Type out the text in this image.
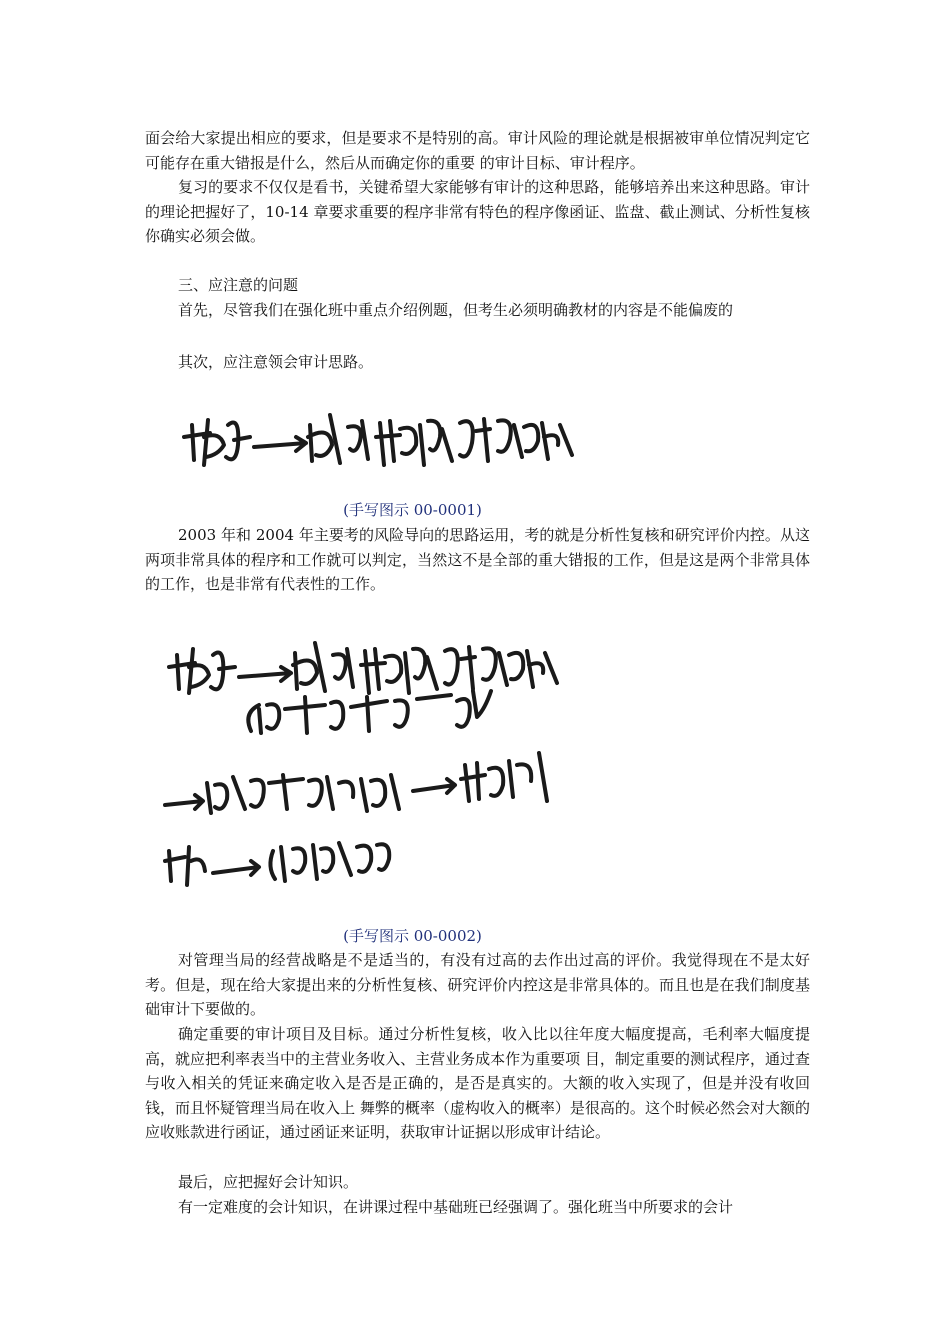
面会给大家提出相应的要求，但是要求不是特别的高。审计风险的理论就是根据被审单位情况判定它可能存在重大错报是什么，然后从而确定你的重要 的审计目标、审计程序。

复习的要求不仅仅是看书，关键希望大家能够有审计的这种思路，能够培养出来这种思路。审计的理论把握好了，10-14 章要求重要的程序非常有特色的程序像函证、监盘、截止测试、分析性复核你确实必须会做。

三、应注意的问题

首先，尽管我们在强化班中重点介绍例题，但考生必须明确教材的内容是不能偏废的

其次，应注意领会审计思路。

(手写图示 00-0001)

2003 年和 2004 年主要考的风险导向的思路运用，考的就是分析性复核和研究评价内控。从这两项非常具体的程序和工作就可以判定，当然这不是全部的重大错报的工作，但是这是两个非常具体的工作，也是非常有代表性的工作。

(手写图示 00-0002)

对管理当局的经营战略是不是适当的，有没有过高的去作出过高的评价。我觉得现在不是太好考。但是，现在给大家提出来的分析性复核、研究评价内控这是非常具体的。而且也是在我们制度基础审计下要做的。

确定重要的审计项目及目标。通过分析性复核，收入比以往年度大幅度提高，毛利率大幅度提高，就应把利率表当中的主营业务收入、主营业务成本作为重要项 目，制定重要的测试程序，通过查与收入相关的凭证来确定收入是否是正确的，是否是真实的。大额的收入实现了，但是并没有收回钱，而且怀疑管理当局在收入上 舞弊的概率（虚构收入的概率）是很高的。这个时候必然会对大额的应收账款进行函证，通过函证来证明，获取审计证据以形成审计结论。

最后，应把握好会计知识。

有一定难度的会计知识，在讲课过程中基础班已经强调了。强化班当中所要求的会计
